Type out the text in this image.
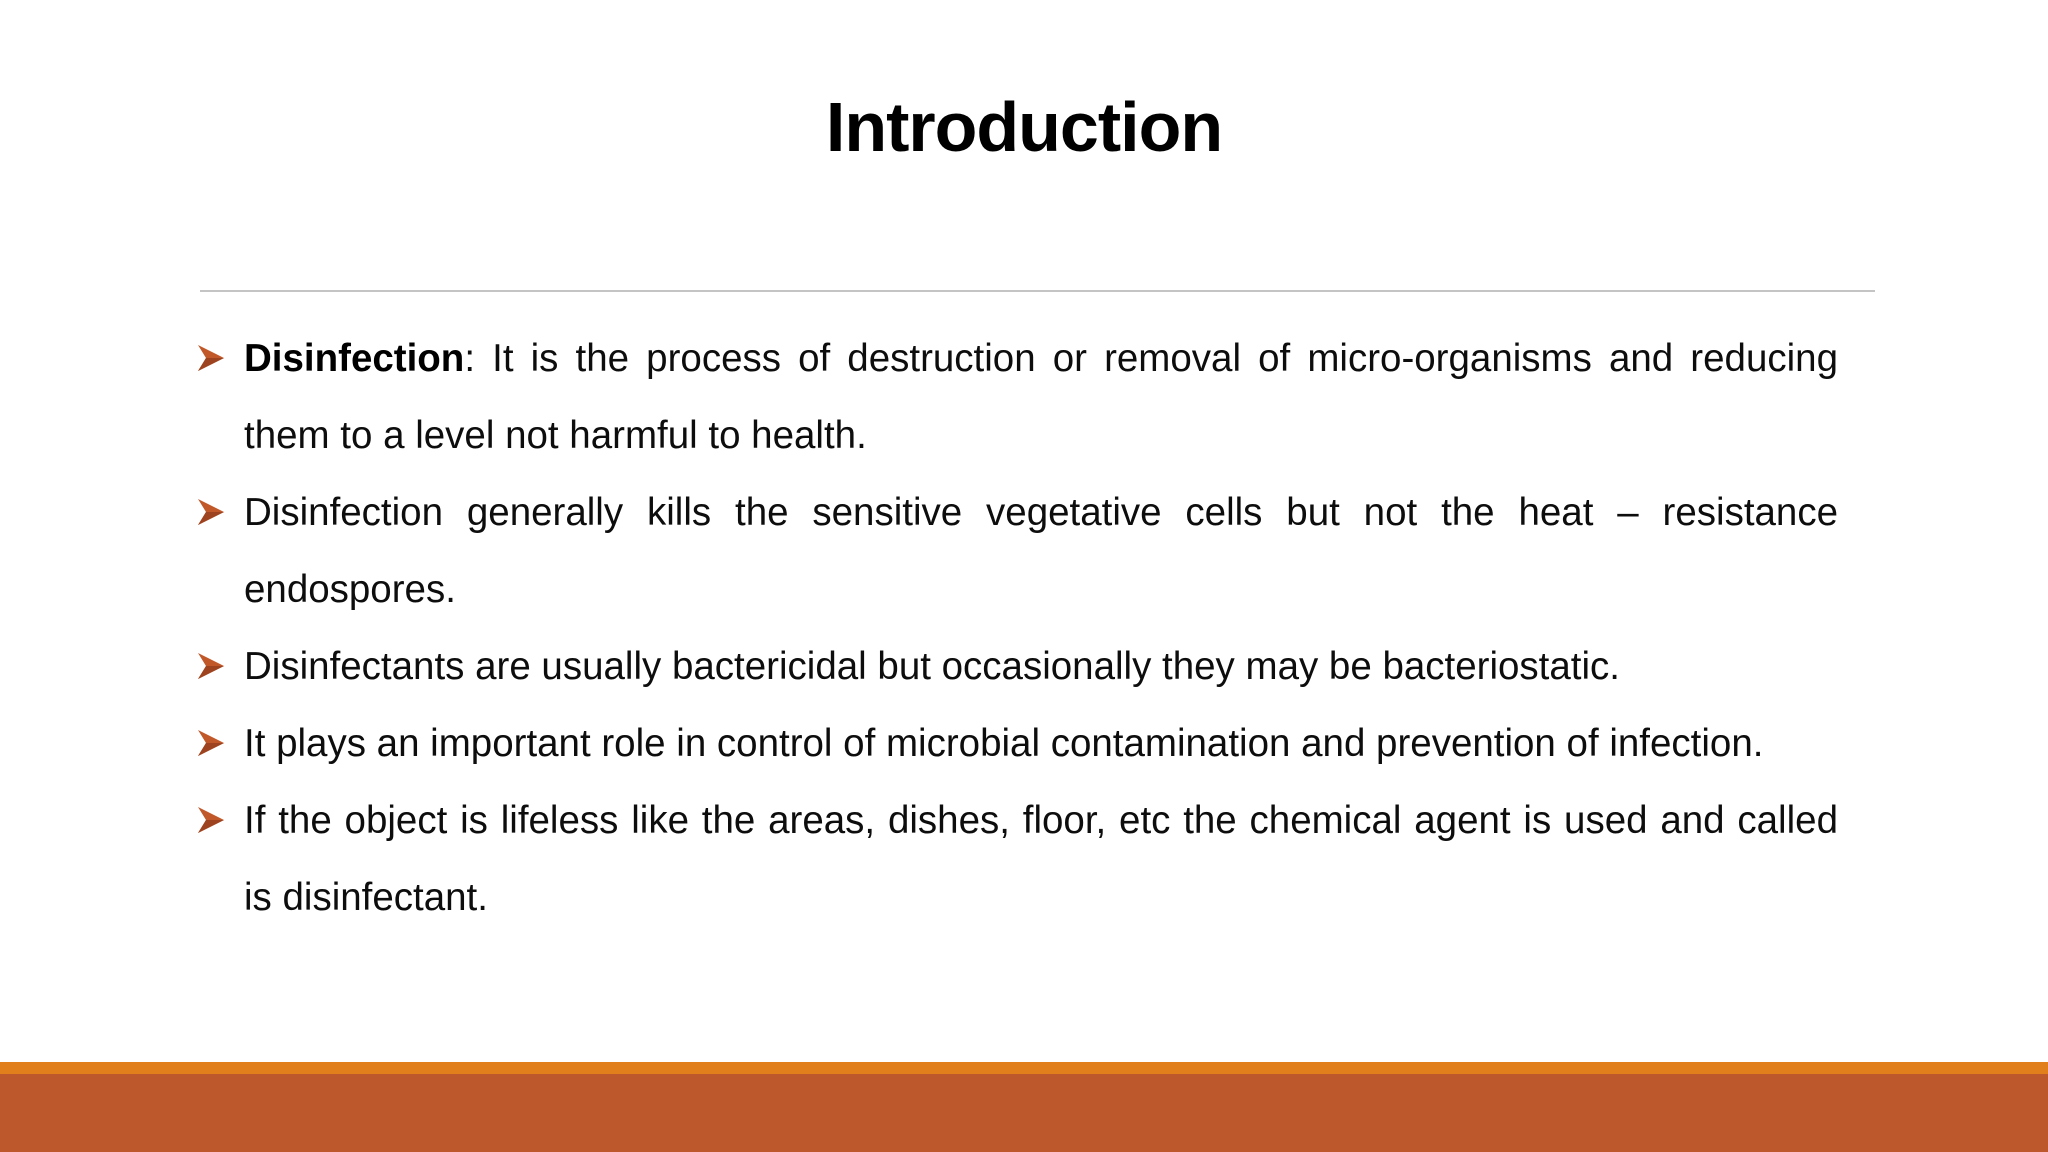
Introduction
Disinfection: It is the process of destruction or removal of micro-organisms and reducing them to a level not harmful to health.
Disinfection generally kills the sensitive vegetative cells but not the heat – resistance endospores.
Disinfectants are usually bactericidal but occasionally they may be bacteriostatic.
It plays an important role in control of microbial contamination and prevention of infection.
If the object is lifeless like the areas, dishes, floor, etc the chemical agent is used and called is disinfectant.
